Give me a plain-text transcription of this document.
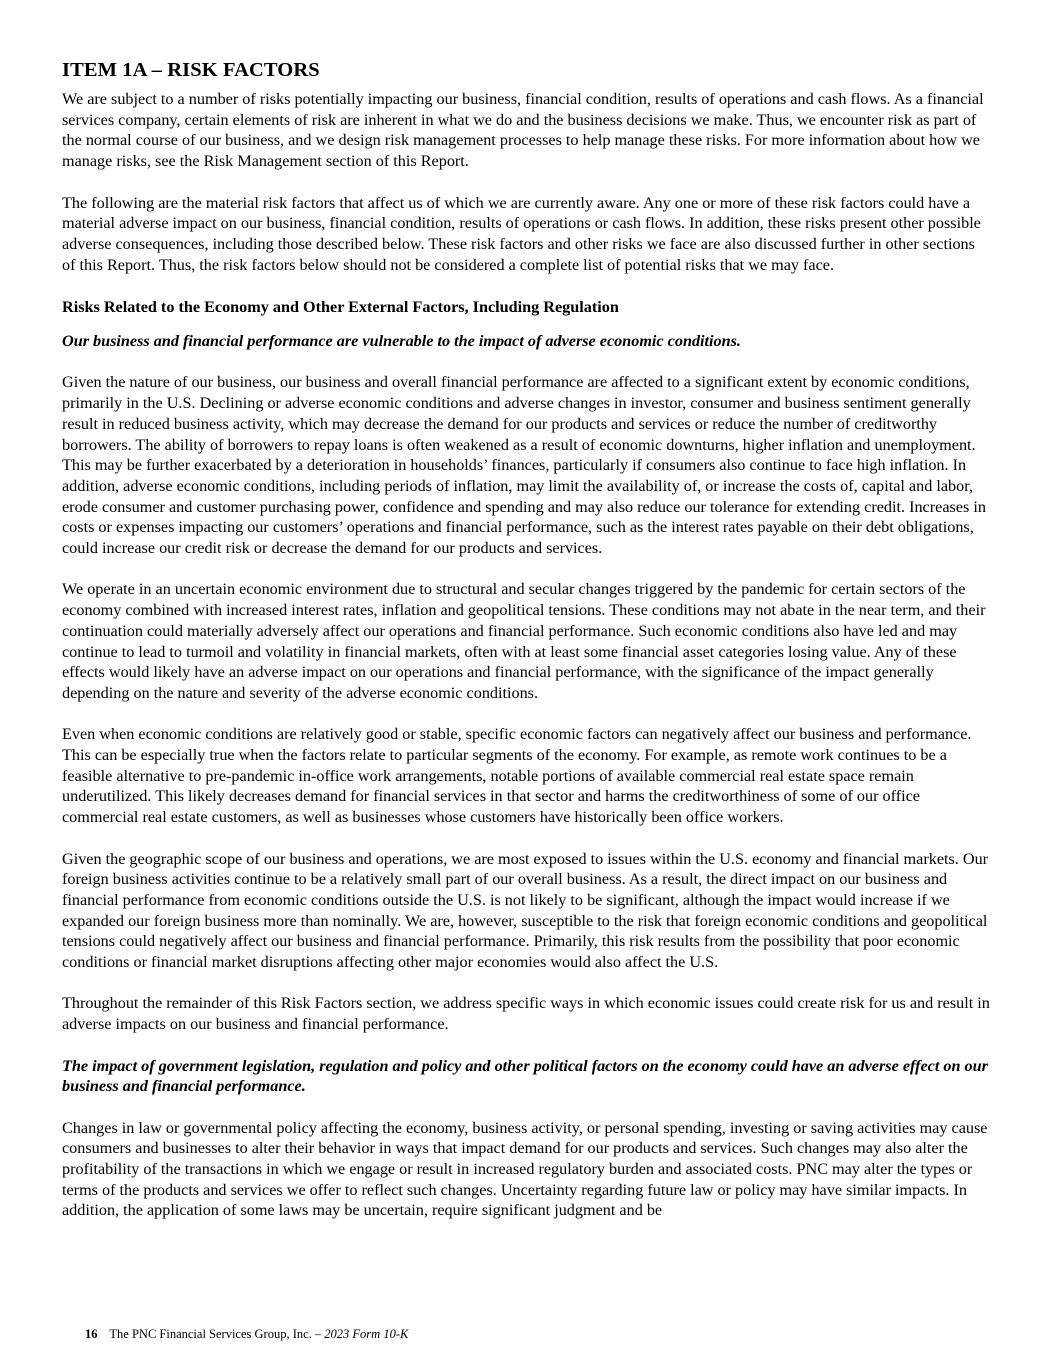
ITEM 1A – RISK FACTORS

We are subject to a number of risks potentially impacting our business, financial condition, results of operations and cash flows. As a financial services company, certain elements of risk are inherent in what we do and the business decisions we make. Thus, we encounter risk as part of the normal course of our business, and we design risk management processes to help manage these risks. For more information about how we manage risks, see the Risk Management section of this Report.

The following are the material risk factors that affect us of which we are currently aware. Any one or more of these risk factors could have a material adverse impact on our business, financial condition, results of operations or cash flows. In addition, these risks present other possible adverse consequences, including those described below. These risk factors and other risks we face are also discussed further in other sections of this Report. Thus, the risk factors below should not be considered a complete list of potential risks that we may face.

Risks Related to the Economy and Other External Factors, Including Regulation
Our business and financial performance are vulnerable to the impact of adverse economic conditions.

Given the nature of our business, our business and overall financial performance are affected to a significant extent by economic conditions, primarily in the U.S. Declining or adverse economic conditions and adverse changes in investor, consumer and business sentiment generally result in reduced business activity, which may decrease the demand for our products and services or reduce the number of creditworthy borrowers. The ability of borrowers to repay loans is often weakened as a result of economic downturns, higher inflation and unemployment. This may be further exacerbated by a deterioration in households’ finances, particularly if consumers also continue to face high inflation. In addition, adverse economic conditions, including periods of inflation, may limit the availability of, or increase the costs of, capital and labor, erode consumer and customer purchasing power, confidence and spending and may also reduce our tolerance for extending credit. Increases in costs or expenses impacting our customers’ operations and financial performance, such as the interest rates payable on their debt obligations, could increase our credit risk or decrease the demand for our products and services.

We operate in an uncertain economic environment due to structural and secular changes triggered by the pandemic for certain sectors of the economy combined with increased interest rates, inflation and geopolitical tensions. These conditions may not abate in the near term, and their continuation could materially adversely affect our operations and financial performance. Such economic conditions also have led and may continue to lead to turmoil and volatility in financial markets, often with at least some financial asset categories losing value. Any of these effects would likely have an adverse impact on our operations and financial performance, with the significance of the impact generally depending on the nature and severity of the adverse economic conditions.

Even when economic conditions are relatively good or stable, specific economic factors can negatively affect our business and performance. This can be especially true when the factors relate to particular segments of the economy. For example, as remote work continues to be a feasible alternative to pre-pandemic in-office work arrangements, notable portions of available commercial real estate space remain underutilized. This likely decreases demand for financial services in that sector and harms the creditworthiness of some of our office commercial real estate customers, as well as businesses whose customers have historically been office workers.

Given the geographic scope of our business and operations, we are most exposed to issues within the U.S. economy and financial markets. Our foreign business activities continue to be a relatively small part of our overall business. As a result, the direct impact on our business and financial performance from economic conditions outside the U.S. is not likely to be significant, although the impact would increase if we expanded our foreign business more than nominally. We are, however, susceptible to the risk that foreign economic conditions and geopolitical tensions could negatively affect our business and financial performance. Primarily, this risk results from the possibility that poor economic conditions or financial market disruptions affecting other major economies would also affect the U.S.

Throughout the remainder of this Risk Factors section, we address specific ways in which economic issues could create risk for us and result in adverse impacts on our business and financial performance.

The impact of government legislation, regulation and policy and other political factors on the economy could have an adverse effect on our business and financial performance.

Changes in law or governmental policy affecting the economy, business activity, or personal spending, investing or saving activities may cause consumers and businesses to alter their behavior in ways that impact demand for our products and services. Such changes may also alter the profitability of the transactions in which we engage or result in increased regulatory burden and associated costs. PNC may alter the types or terms of the products and services we offer to reflect such changes. Uncertainty regarding future law or policy may have similar impacts. In addition, the application of some laws may be uncertain, require significant judgment and be

16 The PNC Financial Services Group, Inc. – 2023 Form 10-K
